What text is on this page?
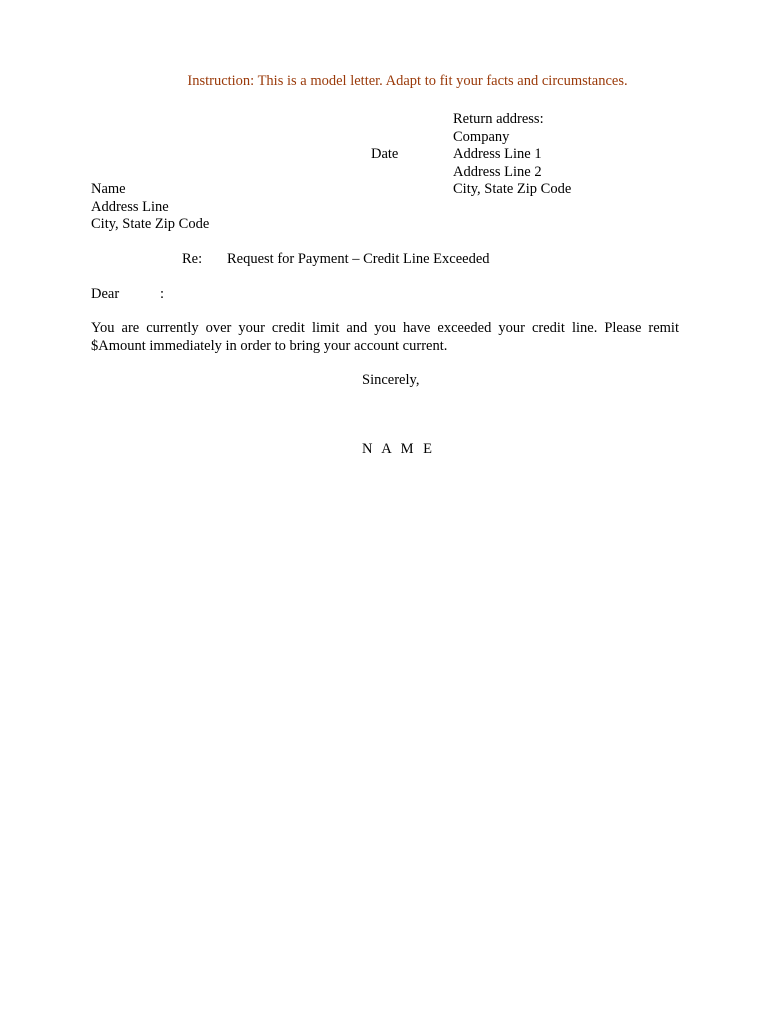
Instruction: This is a model letter. Adapt to fit your facts and circumstances.
Return address:
Company
Address Line 1
Address Line 2
City, State Zip Code
Date
Name
Address Line
City, State Zip Code
Re: Request for Payment – Credit Line Exceeded
Dear	:
You are currently over your credit limit and you have exceeded your credit line. Please remit
$Amount immediately in order to bring your account current.
Sincerely,
N A M E
